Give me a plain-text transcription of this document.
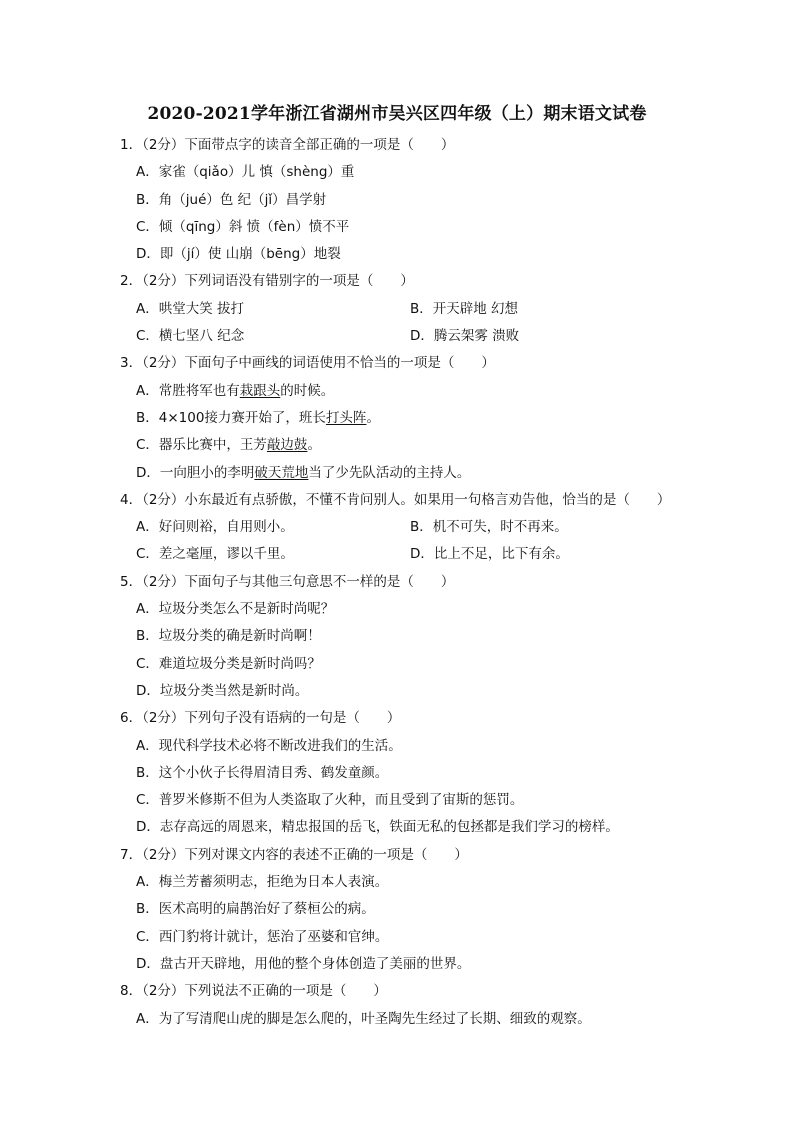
2020-2021学年浙江省湖州市吴兴区四年级（上）期末语文试卷
1．（2分）下面带点字的读音全部正确的一项是（　　）
A．家雀（qiǎo）儿 慎（shèng）重
B．角（jué）色 纪（jǐ）昌学射
C．倾（qīng）斜 愤（fèn）愤不平
D．即（jí）使 山崩（bēng）地裂
2．（2分）下列词语没有错别字的一项是（　　）
A．哄堂大笑 拔打	B．开天辟地 幻想
C．横七坚八 纪念	D．腾云架雾 溃败
3．（2分）下面句子中画线的词语使用不恰当的一项是（　　）
A．常胜将军也有栽跟头的时候。
B．4×100接力赛开始了，班长打头阵。
C．器乐比赛中，王芳敲边鼓。
D．一向胆小的李明破天荒地当了少先队活动的主持人。
4．（2分）小东最近有点骄傲，不懂不肯问别人。如果用一句格言劝告他，恰当的是（　　）
A．好问则裕，自用则小。	B．机不可失，时不再来。
C．差之毫厘，谬以千里。	D．比上不足，比下有余。
5．（2分）下面句子与其他三句意思不一样的是（　　）
A．垃圾分类怎么不是新时尚呢？
B．垃圾分类的确是新时尚啊！
C．难道垃圾分类是新时尚吗？
D．垃圾分类当然是新时尚。
6．（2分）下列句子没有语病的一句是（　　）
A．现代科学技术必将不断改进我们的生活。
B．这个小伙子长得眉清目秀、鹤发童颜。
C．普罗米修斯不但为人类盗取了火种，而且受到了宙斯的惩罚。
D．志存高远的周恩来，精忠报国的岳飞，铁面无私的包拯都是我们学习的榜样。
7．（2分）下列对课文内容的表述不正确的一项是（　　）
A．梅兰芳蓄须明志，拒绝为日本人表演。
B．医术高明的扁鹊治好了蔡桓公的病。
C．西门豹将计就计，惩治了巫婆和官绅。
D．盘古开天辟地，用他的整个身体创造了美丽的世界。
8．（2分）下列说法不正确的一项是（　　）
A．为了写清爬山虎的脚是怎么爬的，叶圣陶先生经过了长期、细致的观察。
